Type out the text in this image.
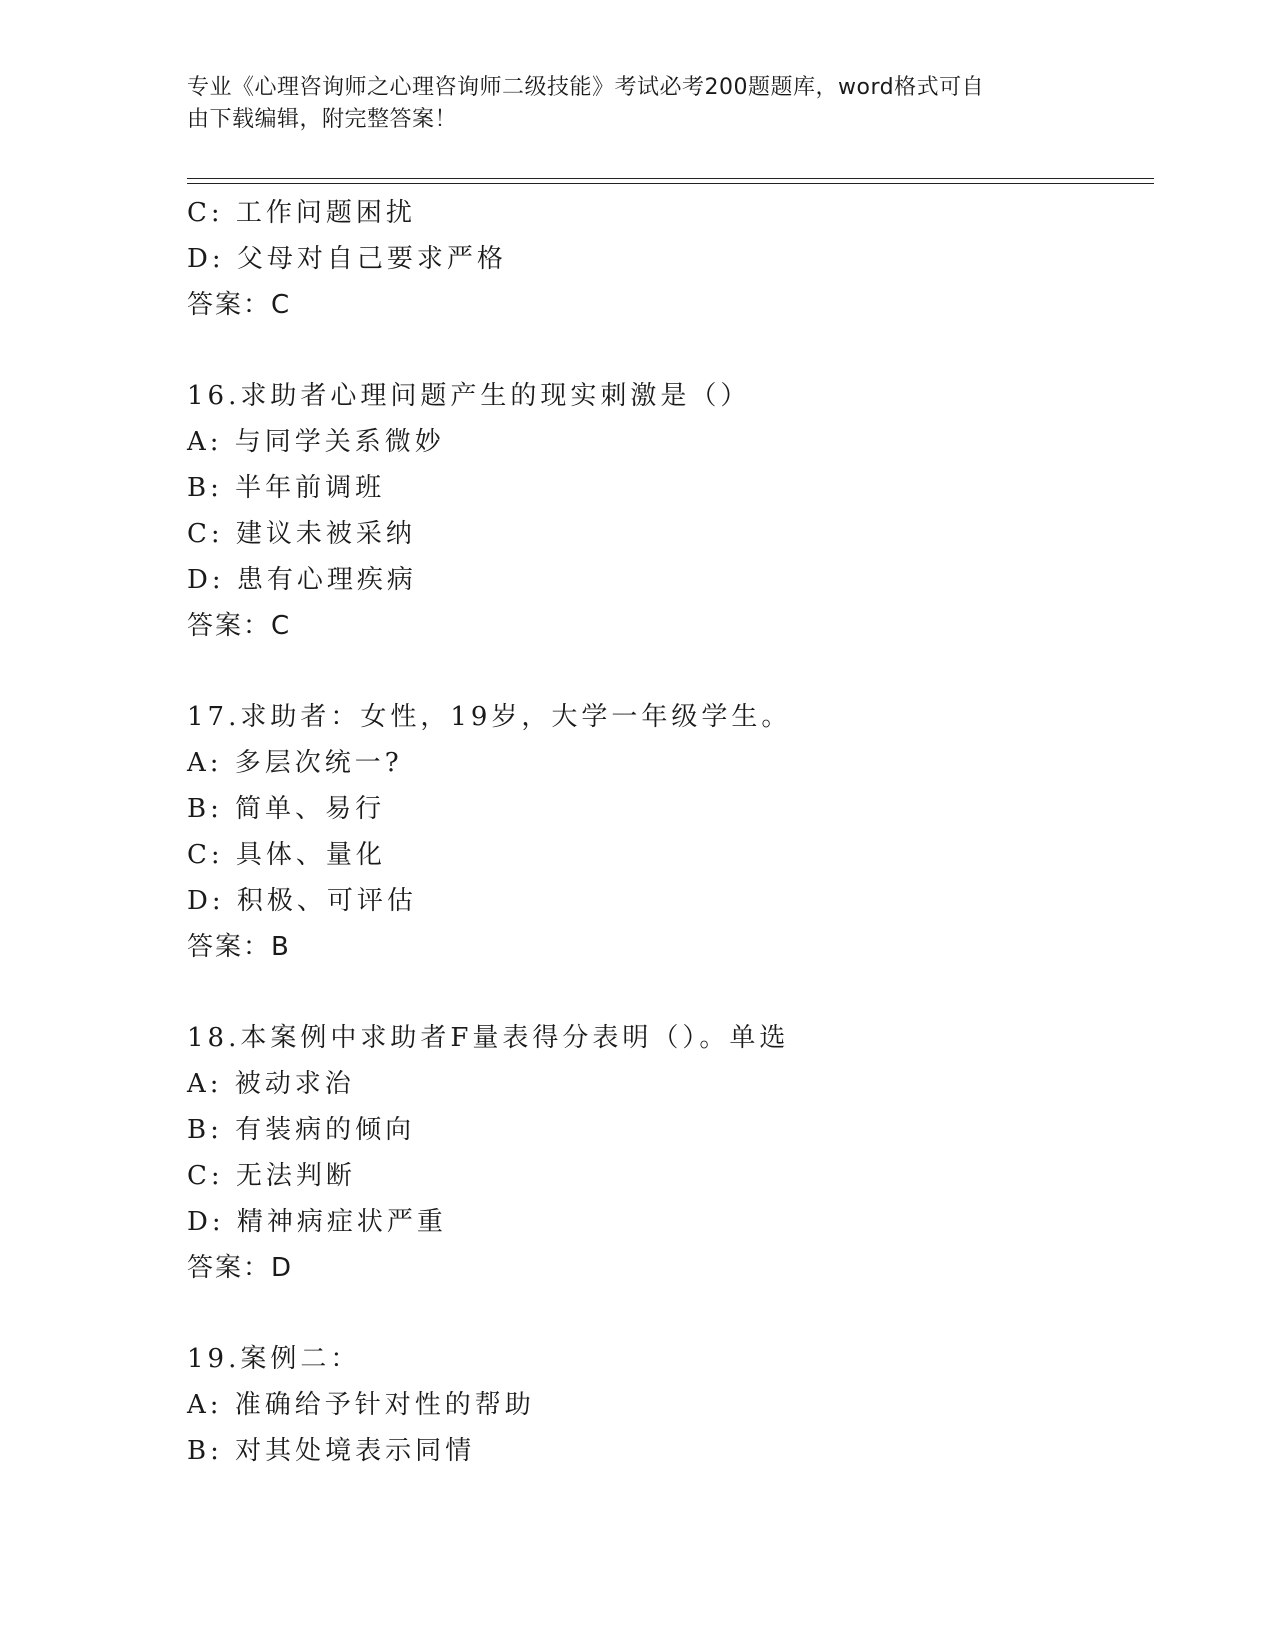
专业《心理咨询师之心理咨询师二级技能》考试必考200题题库，word格式可自
由下载编辑，附完整答案！
C: 工作问题困扰
D: 父母对自己要求严格
答案：C
16.求助者心理问题产生的现实刺激是（）
A: 与同学关系微妙
B: 半年前调班
C: 建议未被采纳
D: 患有心理疾病
答案：C
17.求助者：女性，19岁，大学一年级学生。
A: 多层次统一?
B: 简单、易行
C: 具体、量化
D: 积极、可评估
答案：B
18.本案例中求助者F量表得分表明（）。单选
A: 被动求治
B: 有装病的倾向
C: 无法判断
D: 精神病症状严重
答案：D
19.案例二：
A: 准确给予针对性的帮助
B: 对其处境表示同情
